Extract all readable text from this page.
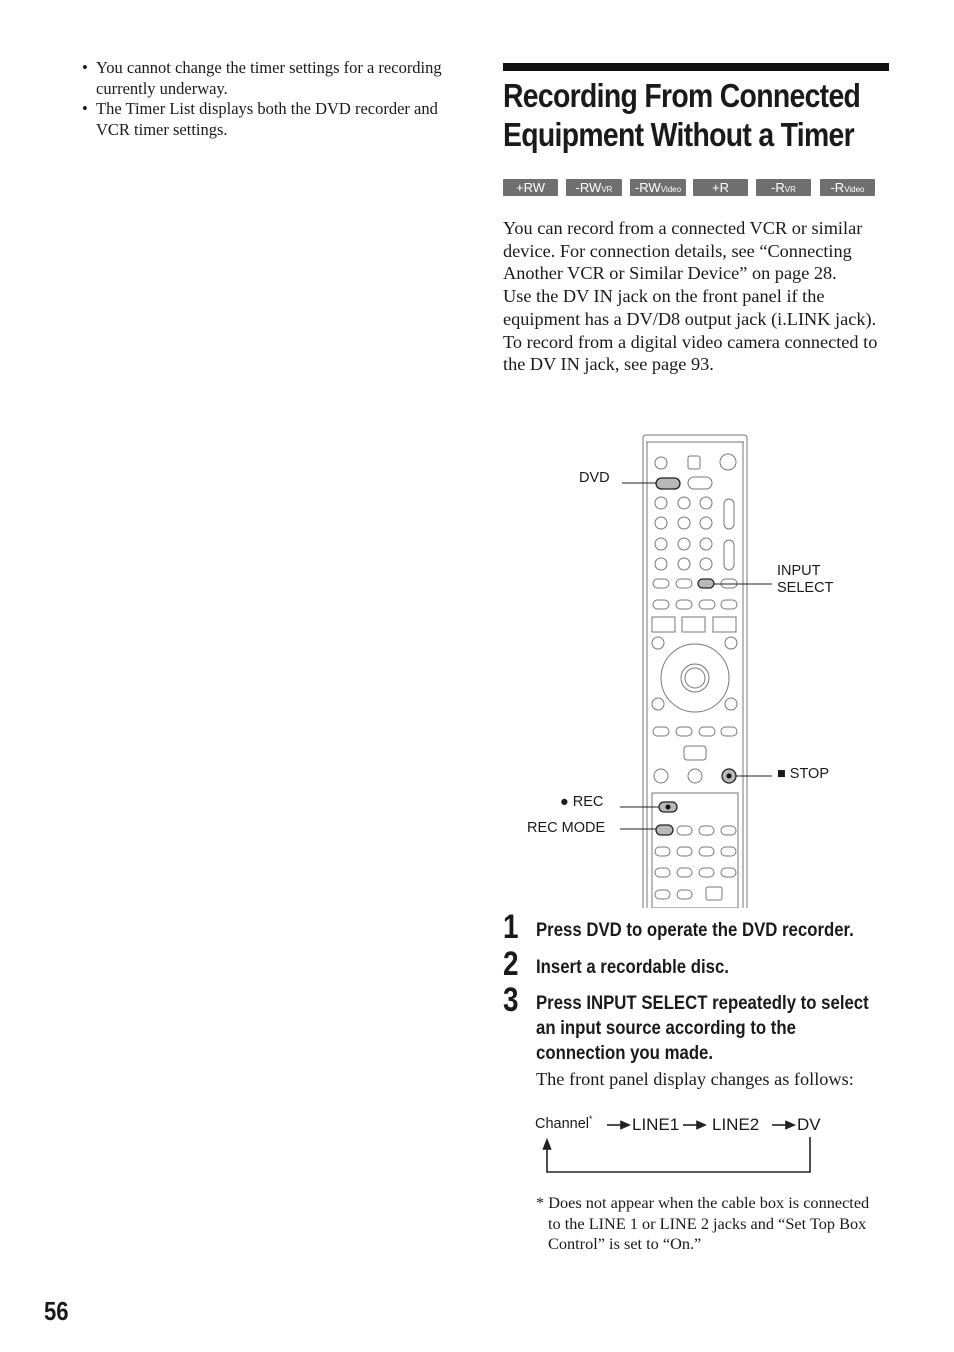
• You cannot change the timer settings for a recording currently underway.
• The Timer List displays both the DVD recorder and VCR timer settings.
Recording From Connected
Equipment Without a Timer
+RW	-RWVR	-RWVideo	+R	-RVR	-RVideo

You can record from a connected VCR or similar device. For connection details, see “Connecting Another VCR or Similar Device” on page 28.

Use the DV IN jack on the front panel if the equipment has a DV/D8 output jack (i.LINK jack).

To record from a digital video camera connected to the DV IN jack, see page 93.

DVD
INPUT
SELECT
■ STOP
● REC
REC MODE
1 Press DVD to operate the DVD recorder.
2 Insert a recordable disc.
3 Press INPUT SELECT repeatedly to select
an input source according to the
connection you made.
The front panel display changes as follows:
Channel* LINE1 LINE2 DV
* Does not appear when the cable box is connected
to the LINE 1 or LINE 2 jacks and “Set Top Box
Control” is set to “On.”
56
